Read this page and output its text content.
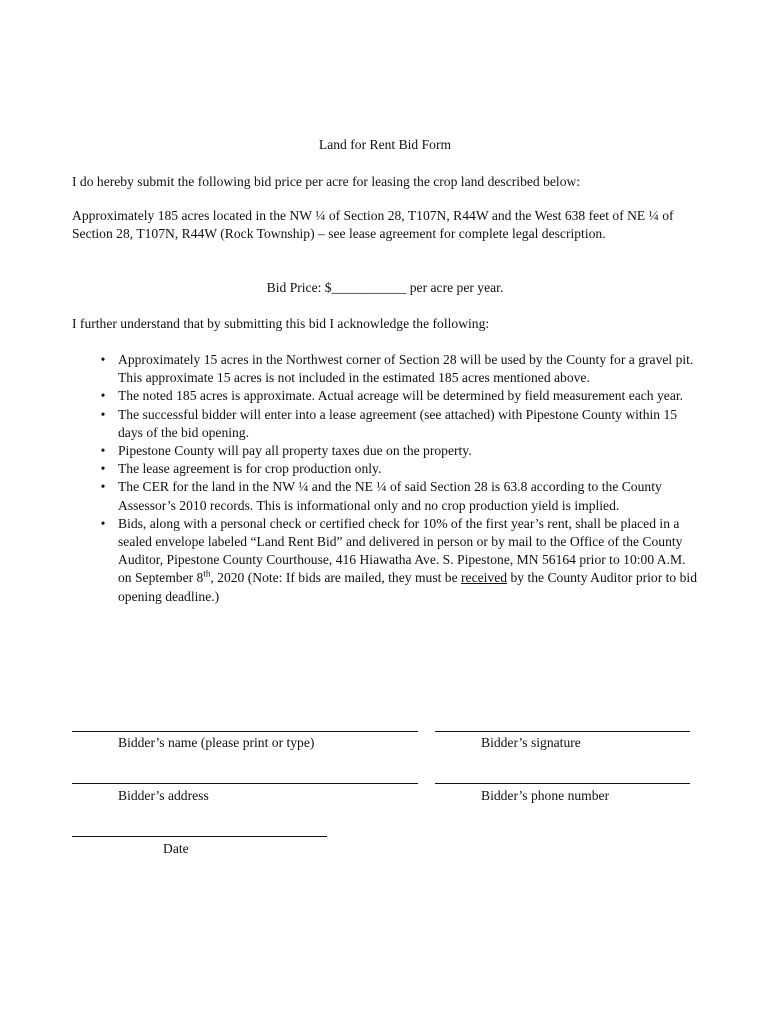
Land for Rent Bid Form
I do hereby submit the following bid price per acre for leasing the crop land described below:
Approximately 185 acres located in the NW ¼ of Section 28, T107N, R44W and the West 638 feet of NE ¼ of Section 28, T107N, R44W (Rock Township) – see lease agreement for complete legal description.
Bid Price: $___________ per acre per year.
I further understand that by submitting this bid I acknowledge the following:
• Approximately 15 acres in the Northwest corner of Section 28 will be used by the County for a gravel pit. This approximate 15 acres is not included in the estimated 185 acres mentioned above.
• The noted 185 acres is approximate. Actual acreage will be determined by field measurement each year.
• The successful bidder will enter into a lease agreement (see attached) with Pipestone County within 15 days of the bid opening.
• Pipestone County will pay all property taxes due on the property.
• The lease agreement is for crop production only.
• The CER for the land in the NW ¼ and the NE ¼ of said Section 28 is 63.8 according to the County Assessor’s 2010 records. This is informational only and no crop production yield is implied.
• Bids, along with a personal check or certified check for 10% of the first year’s rent, shall be placed in a sealed envelope labeled “Land Rent Bid” and delivered in person or by mail to the Office of the County Auditor, Pipestone County Courthouse, 416 Hiawatha Ave. S. Pipestone, MN 56164 prior to 10:00 A.M. on September 8th, 2020 (Note: If bids are mailed, they must be received by the County Auditor prior to bid opening deadline.)
Bidder’s name (please print or type)	Bidder’s signature
Bidder’s address	Bidder’s phone number
Date
